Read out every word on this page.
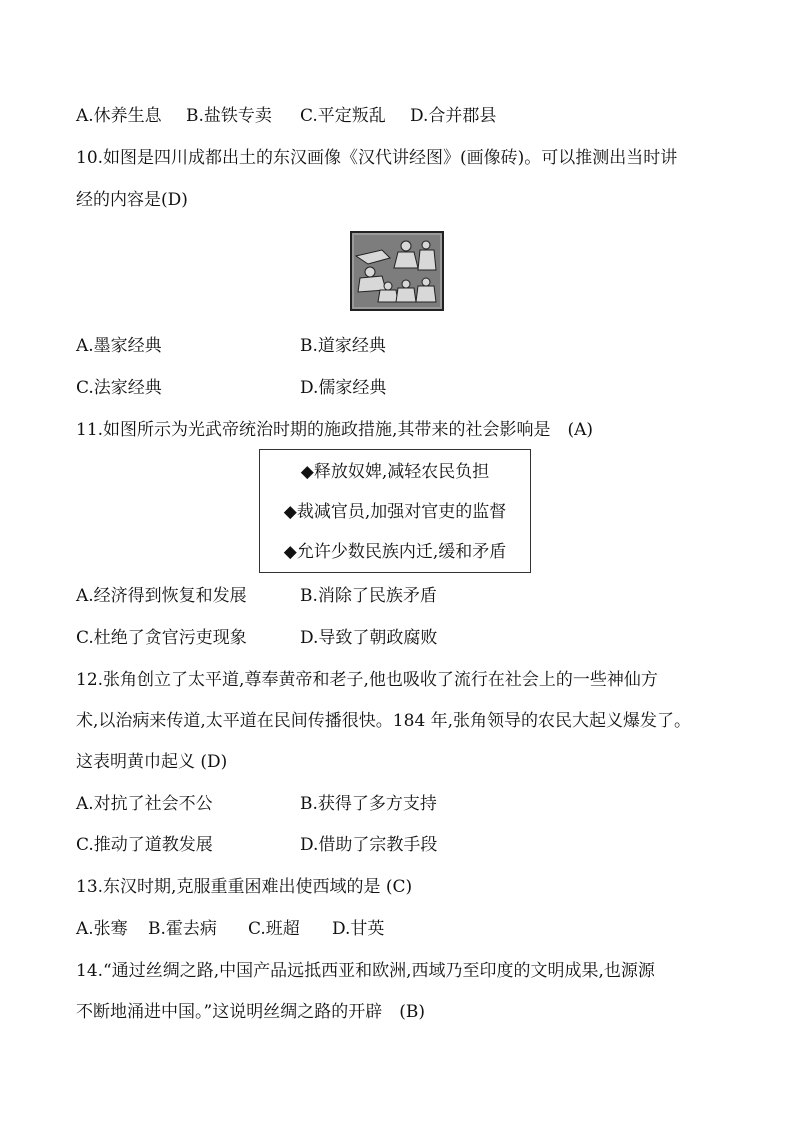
A.休养生息 B.盐铁专卖 C.平定叛乱 D.合并郡县
10.如图是四川成都出土的东汉画像《汉代讲经图》(画像砖)。可以推测出当时讲
经的内容是(D)
A.墨家经典	B.道家经典
C.法家经典	D.儒家经典
11.如图所示为光武帝统治时期的施政措施,其带来的社会影响是　(A)
◆释放奴婢,减轻农民负担
◆裁减官员,加强对官吏的监督
◆允许少数民族内迁,缓和矛盾
A.经济得到恢复和发展	B.消除了民族矛盾
C.杜绝了贪官污吏现象	D.导致了朝政腐败
12.张角创立了太平道,尊奉黄帝和老子,他也吸收了流行在社会上的一些神仙方
术,以治病来传道,太平道在民间传播很快。184 年,张角领导的农民大起义爆发了。
这表明黄巾起义 (D)
A.对抗了社会不公	B.获得了多方支持
C.推动了道教发展	D.借助了宗教手段
13.东汉时期,克服重重困难出使西域的是 (C)
A.张骞 B.霍去病 C.班超 D.甘英
14.“通过丝绸之路,中国产品远抵西亚和欧洲,西域乃至印度的文明成果,也源源
不断地涌进中国。”这说明丝绸之路的开辟　(B)
